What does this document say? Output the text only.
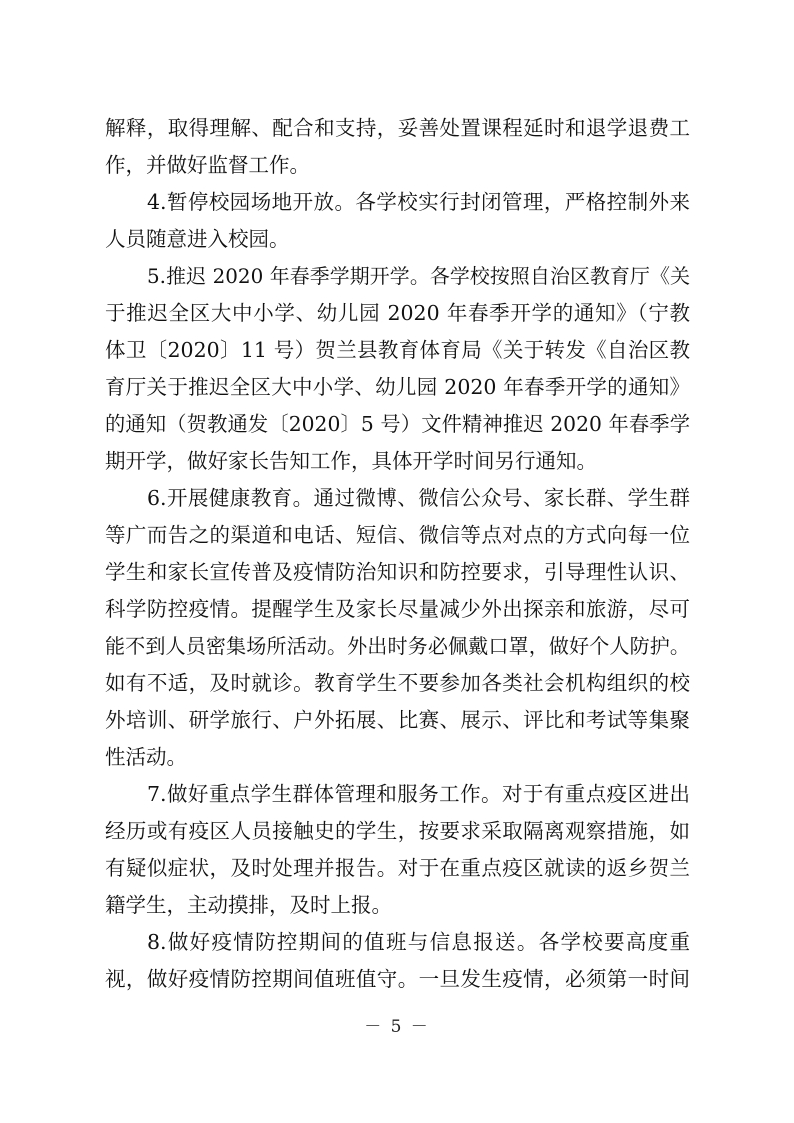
解释，取得理解、配合和支持，妥善处置课程延时和退学退费工
作，并做好监督工作。
4.暂停校园场地开放。各学校实行封闭管理，严格控制外来
人员随意进入校园。
5.推迟 2020 年春季学期开学。各学校按照自治区教育厅《关
于推迟全区大中小学、幼儿园 2020 年春季开学的通知》（宁教
体卫〔2020〕11 号）贺兰县教育体育局《关于转发《自治区教
育厅关于推迟全区大中小学、幼儿园 2020 年春季开学的通知》
的通知（贺教通发〔2020〕5 号）文件精神推迟 2020 年春季学
期开学，做好家长告知工作，具体开学时间另行通知。
6.开展健康教育。通过微博、微信公众号、家长群、学生群
等广而告之的渠道和电话、短信、微信等点对点的方式向每一位
学生和家长宣传普及疫情防治知识和防控要求，引导理性认识、
科学防控疫情。提醒学生及家长尽量减少外出探亲和旅游，尽可
能不到人员密集场所活动。外出时务必佩戴口罩，做好个人防护。
如有不适，及时就诊。教育学生不要参加各类社会机构组织的校
外培训、研学旅行、户外拓展、比赛、展示、评比和考试等集聚
性活动。
7.做好重点学生群体管理和服务工作。对于有重点疫区进出
经历或有疫区人员接触史的学生，按要求采取隔离观察措施，如
有疑似症状，及时处理并报告。对于在重点疫区就读的返乡贺兰
籍学生，主动摸排，及时上报。
8.做好疫情防控期间的值班与信息报送。各学校要高度重
视，做好疫情防控期间值班值守。一旦发生疫情，必须第一时间
－ 5 －
